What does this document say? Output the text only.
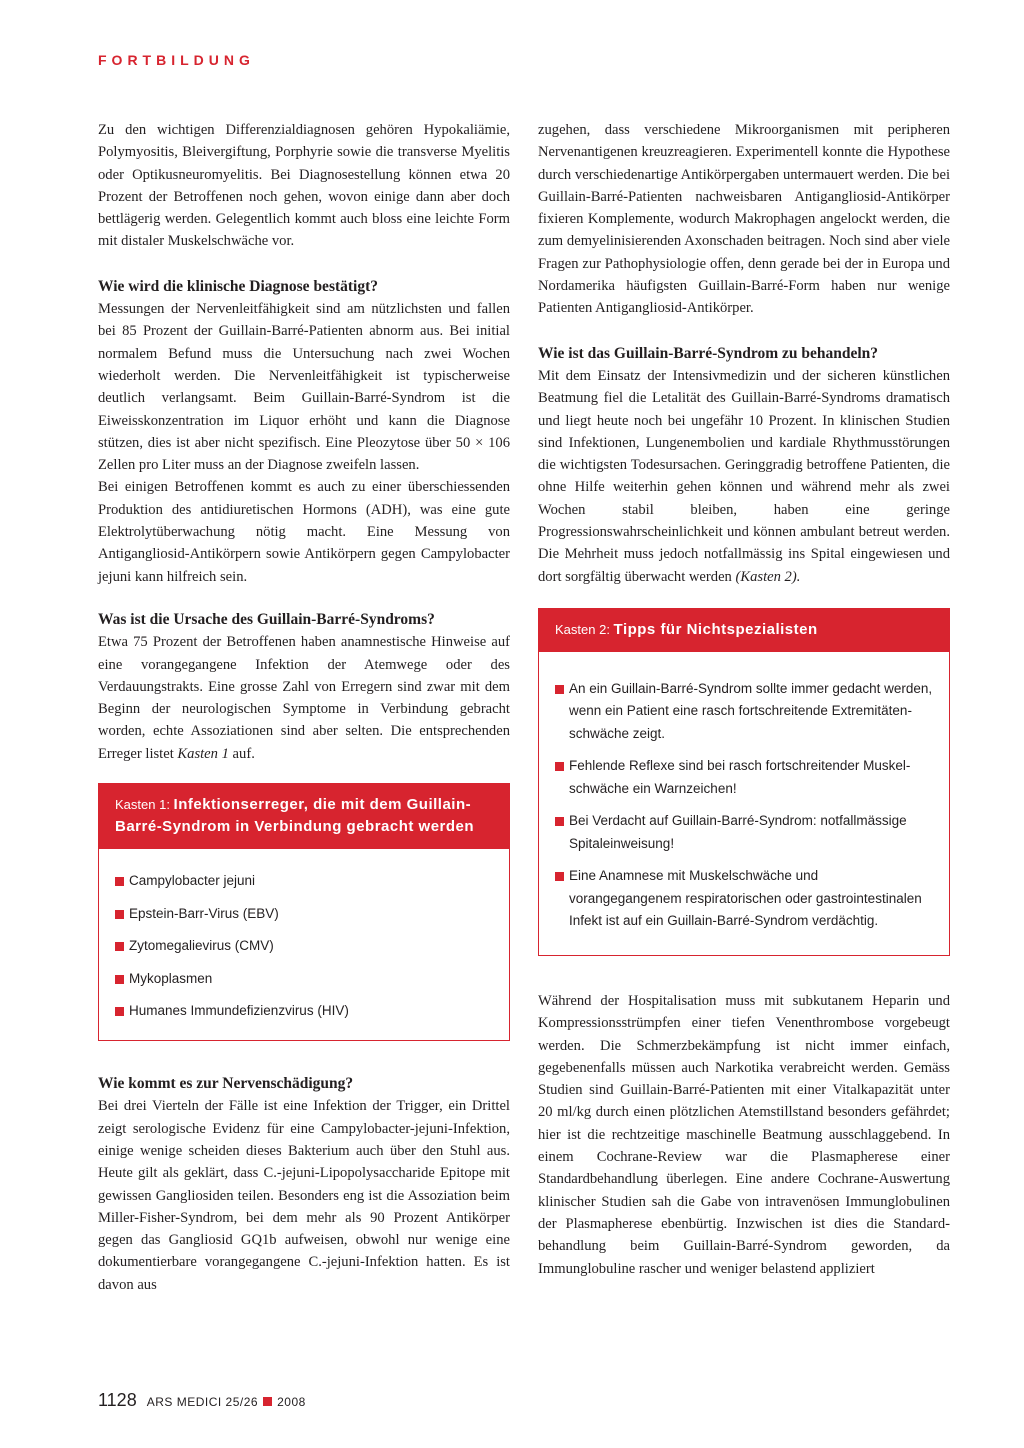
FORTBILDUNG

Zu den wichtigen Differenzialdiagnosen gehören Hypokaliämie, Polymyositis, Bleivergiftung, Porphyrie sowie die transverse Myelitis oder Optikusneuromyelitis. Bei Diagnosestellung können etwa 20 Prozent der Betroffenen noch gehen, wovon einige dann aber doch bettlägerig werden. Gelegentlich kommt auch bloss eine leichte Form mit distaler Muskelschwäche vor.

Wie wird die klinische Diagnose bestätigt?

Messungen der Nervenleitfähigkeit sind am nützlichsten und fallen bei 85 Prozent der Guillain-Barré-Patienten abnorm aus. Bei initial normalem Befund muss die Untersuchung nach zwei Wochen wiederholt werden. Die Nervenleitfähigkeit ist typischerweise deutlich verlangsamt. Beim Guillain-Barré-Syndrom ist die Eiweisskonzentration im Liquor erhöht und kann die Diagnose stützen, dies ist aber nicht spezifisch. Eine Pleozytose über 50 × 106 Zellen pro Liter muss an der Diagnose zweifeln lassen.

Bei einigen Betroffenen kommt es auch zu einer überschiessenden Produktion des antidiuretischen Hormons (ADH), was eine gute Elektrolytüberwachung nötig macht. Eine Messung von Antigangliosid-Antikörpern sowie Antikörpern gegen Campylobacter jejuni kann hilfreich sein.

Was ist die Ursache des Guillain-Barré-Syndroms?

Etwa 75 Prozent der Betroffenen haben anamnestische Hinweise auf eine vorangegangene Infektion der Atemwege oder des Verdauungstrakts. Eine grosse Zahl von Erregern sind zwar mit dem Beginn der neurologischen Symptome in Verbindung gebracht worden, echte Assoziationen sind aber selten. Die entsprechenden Erreger listet Kasten 1 auf.

Kasten 1: Infektionserreger, die mit dem Guillain-Barré-Syndrom in Verbindung gebracht werden
Campylobacter jejuni
Epstein-Barr-Virus (EBV)
Zytomegalievirus (CMV)
Mykoplasmen
Humanes Immundefizienzvirus (HIV)
Wie kommt es zur Nervenschädigung?

Bei drei Vierteln der Fälle ist eine Infektion der Trigger, ein Drittel zeigt serologische Evidenz für eine Campylobacter-jejuni-Infektion, einige wenige scheiden dieses Bakterium auch über den Stuhl aus. Heute gilt als geklärt, dass C.-jejuni-Lipopolysaccharide Epitope mit gewissen Gangliosiden teilen. Besonders eng ist die Assoziation beim Miller-Fisher-Syndrom, bei dem mehr als 90 Prozent Antikörper gegen das Gangliosid GQ1b aufweisen, obwohl nur wenige eine dokumentierbare vorangegangene C.-jejuni-Infektion hatten. Es ist davon aus

zugehen, dass verschiedene Mikroorganismen mit peripheren Nervenantigenen kreuzreagieren. Experimentell konnte die Hypothese durch verschiedenartige Antikörpergaben untermauert werden. Die bei Guillain-Barré-Patienten nachweisbaren Antigangliosid-Antikörper fixieren Komplemente, wodurch Makrophagen angelockt werden, die zum demyelinisierenden Axonschaden beitragen. Noch sind aber viele Fragen zur Pathophysiologie offen, denn gerade bei der in Europa und Nordamerika häufigsten Guillain-Barré-Form haben nur wenige Patienten Antigangliosid-Antikörper.

Wie ist das Guillain-Barré-Syndrom zu behandeln?

Mit dem Einsatz der Intensivmedizin und der sicheren künstlichen Beatmung fiel die Letalität des Guillain-Barré-Syndroms dramatisch und liegt heute noch bei ungefähr 10 Prozent. In klinischen Studien sind Infektionen, Lungenembolien und kardiale Rhythmusstörungen die wichtigsten Todesursachen. Geringgradig betroffene Patienten, die ohne Hilfe weiterhin gehen können und während mehr als zwei Wochen stabil bleiben, haben eine geringe Progressionswahrscheinlichkeit und können ambulant betreut werden. Die Mehrheit muss jedoch notfallmässig ins Spital eingewiesen und dort sorgfältig überwacht werden (Kasten 2).

Kasten 2: Tipps für Nichtspezialisten
An ein Guillain-Barré-Syndrom sollte immer gedacht werden, wenn ein Patient eine rasch fortschreitende Extremitätenschwäche zeigt.
Fehlende Reflexe sind bei rasch fortschreitender Muskelschwäche ein Warnzeichen!
Bei Verdacht auf Guillain-Barré-Syndrom: notfallmässige Spitaleinweisung!
Eine Anamnese mit Muskelschwäche und vorangegangenem respiratorischen oder gastrointestinalen Infekt ist auf ein Guillain-Barré-Syndrom verdächtig.

Während der Hospitalisation muss mit subkutanem Heparin und Kompressionsstrümpfen einer tiefen Venenthrombose vorgebeugt werden. Die Schmerzbekämpfung ist nicht immer einfach, gegebenenfalls müssen auch Narkotika verabreicht werden. Gemäss Studien sind Guillain-Barré-Patienten mit einer Vitalkapazität unter 20 ml/kg durch einen plötzlichen Atemstillstand besonders gefährdet; hier ist die rechtzeitige maschinelle Beatmung ausschlaggebend. In einem Cochrane-Review war die Plasmapherese einer Standardbehandlung überlegen. Eine andere Cochrane-Auswertung klinischer Studien sah die Gabe von intravenösen Immunglobulinen der Plasmapherese ebenbürtig. Inzwischen ist dies die Standardbehandlung beim Guillain-Barré-Syndrom geworden, da Immunglobuline rascher und weniger belastend appliziert

1128 ARS MEDICI 25/26 2008
